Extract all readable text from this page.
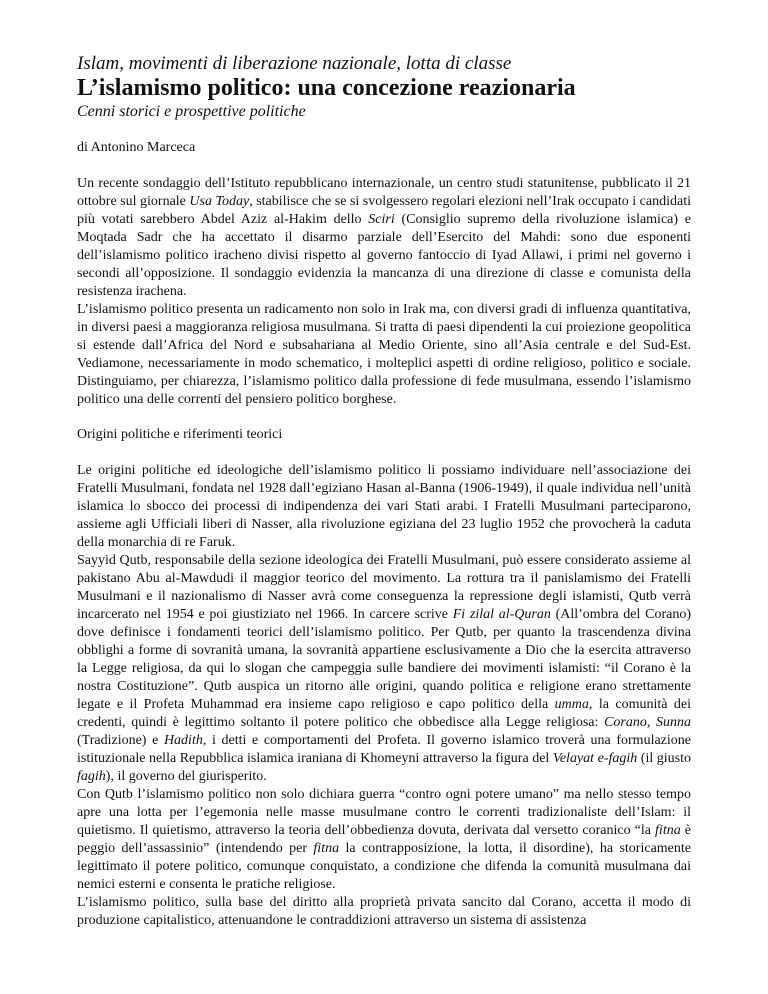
Islam, movimenti di liberazione nazionale, lotta di classe

L’islamismo politico: una concezione reazionaria

Cenni storici e prospettive politiche

di Antonino Marceca

Un recente sondaggio dell’Istituto repubblicano internazionale, un centro studi statunitense, pubblicato il 21 ottobre sul giornale Usa Today, stabilisce che se si svolgessero regolari elezioni nell’Irak occupato i candidati più votati sarebbero Abdel Aziz al-Hakim dello Sciri (Consiglio supremo della rivoluzione islamica) e Moqtada Sadr che ha accettato il disarmo parziale dell’Esercito del Mahdi: sono due esponenti dell’islamismo politico iracheno divisi rispetto al governo fantoccio di Iyad Allawi, i primi nel governo i secondi all’opposizione. Il sondaggio evidenzia la mancanza di una direzione di classe e comunista della resistenza irachena.

L’islamismo politico presenta un radicamento non solo in Irak ma, con diversi gradi di influenza quantitativa, in diversi paesi a maggioranza religiosa musulmana. Si tratta di paesi dipendenti la cui proiezione geopolitica si estende dall’Africa del Nord e subsahariana al Medio Oriente, sino all’Asia centrale e del Sud-Est. Vediamone, necessariamente in modo schematico, i molteplici aspetti di ordine religioso, politico e sociale. Distinguiamo, per chiarezza, l’islamismo politico dalla professione di fede musulmana, essendo l’islamismo politico una delle correnti del pensiero politico borghese.

Origini politiche e riferimenti teorici

Le origini politiche ed ideologiche dell’islamismo politico li possiamo individuare nell’associazione dei Fratelli Musulmani, fondata nel 1928 dall’egiziano Hasan al-Banna (1906-1949), il quale individua nell’unità islamica lo sbocco dei processi di indipendenza dei vari Stati arabi. I Fratelli Musulmani parteciparono, assieme agli Ufficiali liberi di Nasser, alla rivoluzione egiziana del 23 luglio 1952 che provocherà la caduta della monarchia di re Faruk.

Sayyid Qutb, responsabile della sezione ideologica dei Fratelli Musulmani, può essere considerato assieme al pakistano Abu al-Mawdudi il maggior teorico del movimento. La rottura tra il panislamismo dei Fratelli Musulmani e il nazionalismo di Nasser avrà come conseguenza la repressione degli islamisti, Qutb verrà incarcerato nel 1954 e poi giustiziato nel 1966. In carcere scrive Fi zilal al-Quran (All’ombra del Corano) dove definisce i fondamenti teorici dell’islamismo politico. Per Qutb, per quanto la trascendenza divina obblighi a forme di sovranità umana, la sovranità appartiene esclusivamente a Dio che la esercita attraverso la Legge religiosa, da qui lo slogan che campeggia sulle bandiere dei movimenti islamisti: “il Corano è la nostra Costituzione”. Qutb auspica un ritorno alle origini, quando politica e religione erano strettamente legate e il Profeta Muhammad era insieme capo religioso e capo politico della umma, la comunità dei credenti, quindi è legittimo soltanto il potere politico che obbedisce alla Legge religiosa: Corano, Sunna (Tradizione) e Hadith, i detti e comportamenti del Profeta. Il governo islamico troverà una formulazione istituzionale nella Repubblica islamica iraniana di Khomeyni attraverso la figura del Velayat e-fagih (il giusto fagih), il governo del giurisperito.

Con Qutb l’islamismo politico non solo dichiara guerra “contro ogni potere umano” ma nello stesso tempo apre una lotta per l’egemonia nelle masse musulmane contro le correnti tradizionaliste dell’Islam: il quietismo. Il quietismo, attraverso la teoria dell’obbedienza dovuta, derivata dal versetto coranico “la fitna è peggio dell’assassinio” (intendendo per fitna la contrapposizione, la lotta, il disordine), ha storicamente legittimato il potere politico, comunque conquistato, a condizione che difenda la comunità musulmana dai nemici esterni e consenta le pratiche religiose.

L’islamismo politico, sulla base del diritto alla proprietà privata sancito dal Corano, accetta il modo di produzione capitalistico, attenuandone le contraddizioni attraverso un sistema di assistenza
